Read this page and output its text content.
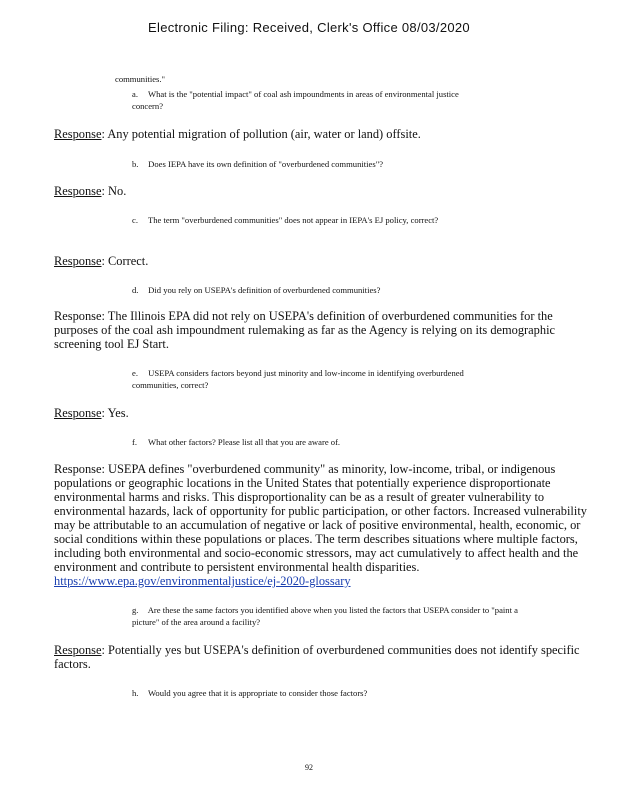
Electronic Filing: Received, Clerk's Office 08/03/2020
communities."
a. What is the "potential impact" of coal ash impoundments in areas of environmental justice concern?
Response: Any potential migration of pollution (air, water or land) offsite.
b. Does IEPA have its own definition of "overburdened communities"?
Response: No.
c. The term "overburdened communities" does not appear in IEPA's EJ policy, correct?
Response: Correct.
d. Did you rely on USEPA's definition of overburdened communities?
Response: The Illinois EPA did not rely on USEPA's definition of overburdened communities for the purposes of the coal ash impoundment rulemaking as far as the Agency is relying on its demographic screening tool EJ Start.
e. USEPA considers factors beyond just minority and low-income in identifying overburdened communities, correct?
Response: Yes.
f. What other factors? Please list all that you are aware of.
Response: USEPA defines "overburdened community" as minority, low-income, tribal, or indigenous populations or geographic locations in the United States that potentially experience disproportionate environmental harms and risks. This disproportionality can be as a result of greater vulnerability to environmental hazards, lack of opportunity for public participation, or other factors. Increased vulnerability may be attributable to an accumulation of negative or lack of positive environmental, health, economic, or social conditions within these populations or places. The term describes situations where multiple factors, including both environmental and socio-economic stressors, may act cumulatively to affect health and the environment and contribute to persistent environmental health disparities. https://www.epa.gov/environmentaljustice/ej-2020-glossary
g. Are these the same factors you identified above when you listed the factors that USEPA consider to "paint a picture" of the area around a facility?
Response: Potentially yes but USEPA's definition of overburdened communities does not identify specific factors.
h. Would you agree that it is appropriate to consider those factors?
92
